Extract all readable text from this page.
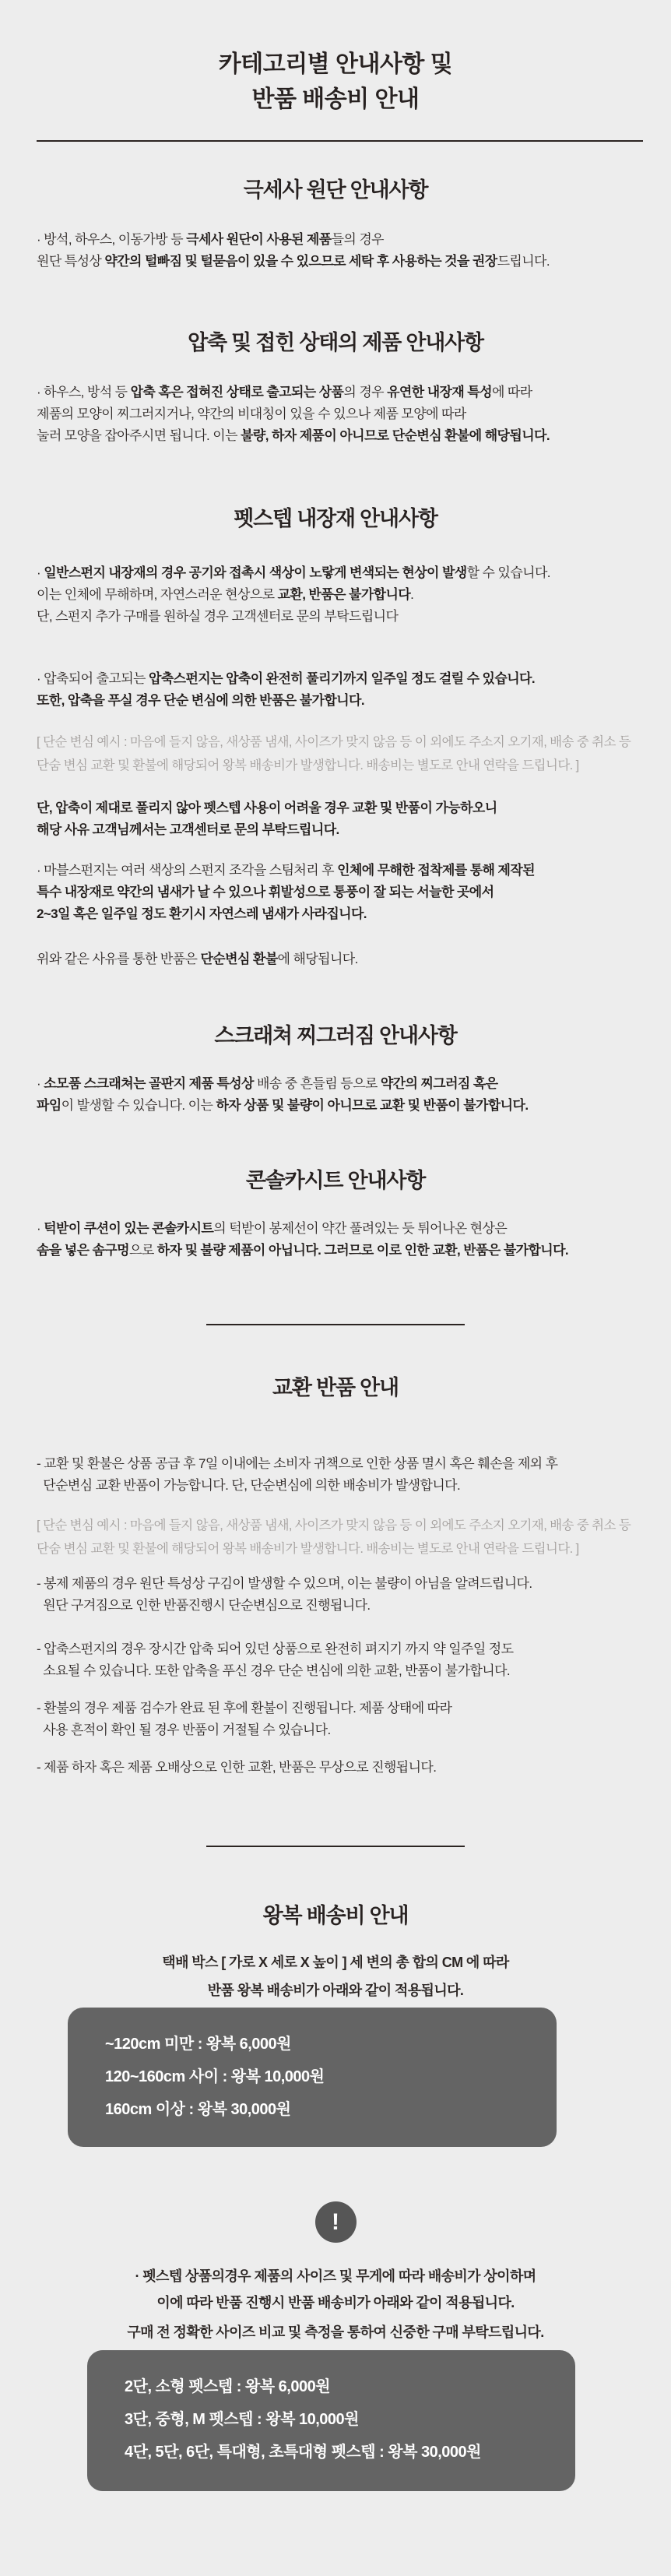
카테고리별 안내사항 및
반품 배송비 안내
극세사 원단 안내사항
· 방석, 하우스, 이동가방 등 극세사 원단이 사용된 제품들의 경우
원단 특성상 약간의 털빠짐 및 털묻음이 있을 수 있으므로 세탁 후 사용하는 것을 권장드립니다.
압축 및 접힌 상태의 제품 안내사항
· 하우스, 방석 등 압축 혹은 접혀진 상태로 출고되는 상품의 경우 유연한 내장재 특성에 따라
제품의 모양이 찌그러지거나, 약간의 비대칭이 있을 수 있으나 제품 모양에 따라
눌러 모양을 잡아주시면 됩니다. 이는 불량, 하자 제품이 아니므로 단순변심 환불에 해당됩니다.
펫스텝 내장재 안내사항
· 일반스펀지 내장재의 경우 공기와 접촉시 색상이 노랗게 변색되는 현상이 발생할 수 있습니다.
이는 인체에 무해하며, 자연스러운 현상으로 교환, 반품은 불가합니다.
단, 스펀지 추가 구매를 원하실 경우 고객센터로 문의 부탁드립니다
· 압축되어 출고되는 압축스펀지는 압축이 완전히 풀리기까지 일주일 정도 걸릴 수 있습니다.
또한, 압축을 푸실 경우 단순 변심에 의한 반품은 불가합니다.
[ 단순 변심 예시 : 마음에 들지 않음, 새상품 냄새, 사이즈가 맞지 않음 등 이 외에도 주소지 오기재, 배송 중 취소 등
단숨 변심 교환 및 환불에 해당되어 왕복 배송비가 발생합니다. 배송비는 별도로 안내 연락을 드립니다. ]
단, 압축이 제대로 풀리지 않아 펫스텝 사용이 어려울 경우 교환 및 반품이 가능하오니
해당 사유 고객님께서는 고객센터로 문의 부탁드립니다.
· 마블스펀지는 여러 색상의 스펀지 조각을 스팀처리 후 인체에 무해한 접착제를 통해 제작된
특수 내장재로 약간의 냄새가 날 수 있으나 휘발성으로 통풍이 잘 되는 서늘한 곳에서
2~3일 혹은 일주일 정도 환기시 자연스레 냄새가 사라집니다.
위와 같은 사유를 통한 반품은 단순변심 환불에 해당됩니다.
스크래쳐 찌그러짐 안내사항
· 소모품 스크래쳐는 골판지 제품 특성상 배송 중 흔들림 등으로 약간의 찌그러짐 혹은
파임이 발생할 수 있습니다. 이는 하자 상품 및 불량이 아니므로 교환 및 반품이 불가합니다.
콘솔카시트 안내사항
· 턱받이 쿠션이 있는 콘솔카시트의 턱받이 봉제선이 약간 풀려있는 듯 튀어나온 현상은
솜을 넣은 솜구멍으로 하자 및 불량 제품이 아닙니다. 그러므로 이로 인한 교환, 반품은 불가합니다.
교환 반품 안내
- 교환 및 환불은 상품 공급 후 7일 이내에는 소비자 귀책으로 인한 상품 멸시 혹은 훼손을 제외 후
단순변심 교환 반품이 가능합니다. 단, 단순변심에 의한 배송비가 발생합니다.
[ 단순 변심 예시 : 마음에 들지 않음, 새상품 냄새, 사이즈가 맞지 않음 등 이 외에도 주소지 오기재, 배송 중 취소 등
단숨 변심 교환 및 환불에 해당되어 왕복 배송비가 발생합니다. 배송비는 별도로 안내 연락을 드립니다. ]
- 봉제 제품의 경우 원단 특성상 구김이 발생할 수 있으며, 이는 불량이 아님을 알려드립니다.
원단 구겨짐으로 인한 반품진행시 단순변심으로 진행됩니다.
- 압축스펀지의 경우 장시간 압축 되어 있던 상품으로 완전히 펴지기 까지 약 일주일 정도
소요될 수 있습니다. 또한 압축을 푸신 경우 단순 변심에 의한 교환, 반품이 불가합니다.
- 환불의 경우 제품 검수가 완료 된 후에 환불이 진행됩니다. 제품 상태에 따라
사용 흔적이 확인 될 경우 반품이 거절될 수 있습니다.
- 제품 하자 혹은 제품 오배상으로 인한 교환, 반품은 무상으로 진행됩니다.
왕복 배송비 안내
택배 박스 [ 가로 X 세로 X 높이 ] 세 변의 총 합의 CM 에 따라
반품 왕복 배송비가 아래와 같이 적용됩니다.
~120cm 미만 : 왕복 6,000원
120~160cm 사이 : 왕복 10,000원
160cm 이상 : 왕복 30,000원
!
· 펫스텝 상품의경우 제품의 사이즈 및 무게에 따라 배송비가 상이하며
이에 따라 반품 진행시 반품 배송비가 아래와 같이 적용됩니다.
구매 전 정확한 사이즈 비교 및 측정을 통하여 신중한 구매 부탁드립니다.
2단, 소형 펫스텝 : 왕복 6,000원
3단, 중형, M 펫스텝 : 왕복 10,000원
4단, 5단, 6단, 특대형, 초특대형 펫스텝 : 왕복 30,000원
